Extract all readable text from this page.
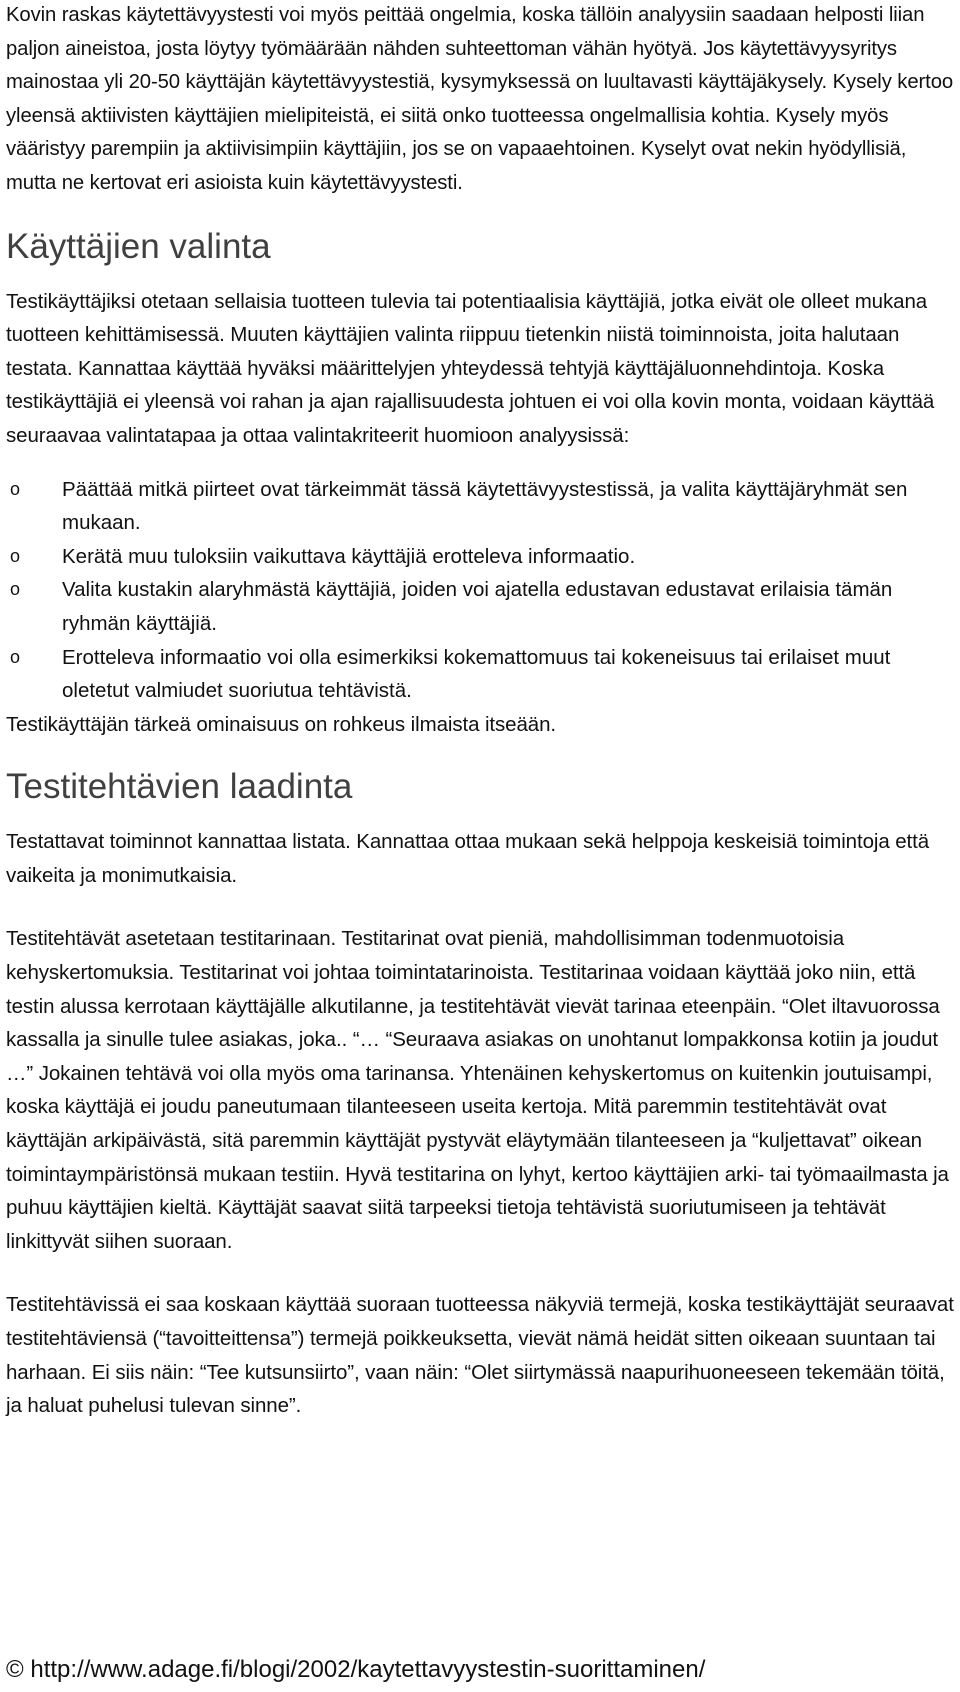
Kovin raskas käytettävyystesti voi myös peittää ongelmia, koska tällöin analyysiin saadaan helposti liian paljon aineistoa, josta löytyy työmäärään nähden suhteettoman vähän hyötyä. Jos käytettävyysyritys mainostaa yli 20-50 käyttäjän käytettävyystestiä, kysymyksessä on luultavasti käyttäjäkysely. Kysely kertoo yleensä aktiivisten käyttäjien mielipiteistä, ei siitä onko tuotteessa ongelmallisia kohtia. Kysely myös vääristyy parempiin ja aktiivisimpiin käyttäjiin, jos se on vapaaehtoinen. Kyselyt ovat nekin hyödyllisiä, mutta ne kertovat eri asioista kuin käytettävyystesti.

Käyttäjien valinta

Testikäyttäjiksi otetaan sellaisia tuotteen tulevia tai potentiaalisia käyttäjiä, jotka eivät ole olleet mukana tuotteen kehittämisessä. Muuten käyttäjien valinta riippuu tietenkin niistä toiminnoista, joita halutaan testata. Kannattaa käyttää hyväksi määrittelyjen yhteydessä tehtyjä käyttäjäluonnehdintoja. Koska testikäyttäjiä ei yleensä voi rahan ja ajan rajallisuudesta johtuen ei voi olla kovin monta, voidaan käyttää seuraavaa valintatapaa ja ottaa valintakriteerit huomioon analyysissä:

o Päättää mitkä piirteet ovat tärkeimmät tässä käytettävyystestissä, ja valita käyttäjäryhmät sen mukaan.
o Kerätä muu tuloksiin vaikuttava käyttäjiä erotteleva informaatio.
o Valita kustakin alaryhmästä käyttäjiä, joiden voi ajatella edustavan edustavat erilaisia tämän ryhmän käyttäjiä.
o Erotteleva informaatio voi olla esimerkiksi kokemattomuus tai kokeneisuus tai erilaiset muut oletetut valmiudet suoriutua tehtävistä.

Testikäyttäjän tärkeä ominaisuus on rohkeus ilmaista itseään.

Testitehtävien laadinta

Testattavat toiminnot kannattaa listata. Kannattaa ottaa mukaan sekä helppoja keskeisiä toimintoja että vaikeita ja monimutkaisia.

Testitehtävät asetetaan testitarinaan. Testitarinat ovat pieniä, mahdollisimman todenmuotoisia kehyskertomuksia. Testitarinat voi johtaa toimintatarinoista. Testitarinaa voidaan käyttää joko niin, että testin alussa kerrotaan käyttäjälle alkutilanne, ja testitehtävät vievät tarinaa eteenpäin. “Olet iltavuorossa kassalla ja sinulle tulee asiakas, joka.. “… “Seuraava asiakas on unohtanut lompakkonsa kotiin ja joudut …” Jokainen tehtävä voi olla myös oma tarinansa. Yhtenäinen kehyskertomus on kuitenkin joutuisampi, koska käyttäjä ei joudu paneutumaan tilanteeseen useita kertoja. Mitä paremmin testitehtävät ovat käyttäjän arkipäivästä, sitä paremmin käyttäjät pystyvät eläytymään tilanteeseen ja “kuljettavat” oikean toimintaympäristönsä mukaan testiin. Hyvä testitarina on lyhyt, kertoo käyttäjien arki- tai työmaailmasta ja puhuu käyttäjien kieltä. Käyttäjät saavat siitä tarpeeksi tietoja tehtävistä suoriutumiseen ja tehtävät linkittyvät siihen suoraan.

Testitehtävissä ei saa koskaan käyttää suoraan tuotteessa näkyviä termejä, koska testikäyttäjät seuraavat testitehtäviensä (“tavoitteittensa”) termejä poikkeuksetta, vievät nämä heidät sitten oikeaan suuntaan tai harhaan. Ei siis näin: “Tee kutsunsiirto”, vaan näin: “Olet siirtymässä naapurihuoneeseen tekemään töitä, ja haluat puhelusi tulevan sinne”.

© http://www.adage.fi/blogi/2002/kaytettavyystestin-suorittaminen/
